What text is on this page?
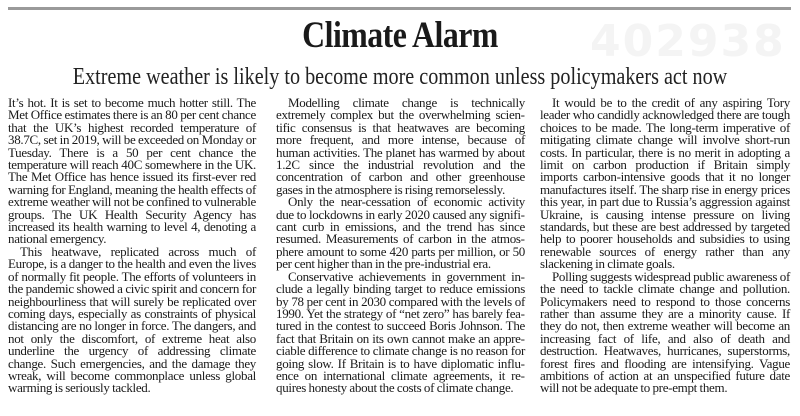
402938
Climate Alarm
Extreme weather is likely to become more common unless policymakers act now

It’s hot. It is set to become much hotter still. The Met Office estimates there is an 80 per cent chance that the UK’s highest recorded temperature of 38.7C, set in 2019, will be exceeded on Monday or Tuesday. There is a 50 per cent chance the temperature will reach 40C somewhere in the UK. The Met Office has hence issued its first-ever red warning for England, meaning the health effects of extreme weather will not be confined to vulnerable groups. The UK Health Security Agency has increased its health warning to level 4, denoting a national emergency.

This heatwave, replicated across much of Europe, is a danger to the health and even the lives of normally fit people. The efforts of volunteers in the pandemic showed a civic spirit and concern for neighbourliness that will surely be replicated over coming days, especially as constraints of physical distancing are no longer in force. The dangers, and not only the discomfort, of extreme heat also underline the urgency of addressing climate change. Such emergencies, and the damage they wreak, will become commonplace unless global warming is seriously tackled.

Modelling climate change is technically extremely complex but the overwhelming scientific consensus is that heatwaves are becoming more frequent, and more intense, because of human activities. The planet has warmed by about 1.2C since the industrial revolution and the concentration of carbon and other greenhouse gases in the atmosphere is rising remorselessly.

Only the near-cessation of economic activity due to lockdowns in early 2020 caused any significant curb in emissions, and the trend has since resumed. Measurements of carbon in the atmosphere amount to some 420 parts per million, or 50 per cent higher than in the pre-industrial era.

Conservative achievements in government include a legally binding target to reduce emissions by 78 per cent in 2030 compared with the levels of 1990. Yet the strategy of “net zero” has barely featured in the contest to succeed Boris Johnson. The fact that Britain on its own cannot make an appreciable difference to climate change is no reason for going slow. If Britain is to have diplomatic influence on international climate agreements, it requires honesty about the costs of climate change.

It would be to the credit of any aspiring Tory leader who candidly acknowledged there are tough choices to be made. The long-term imperative of mitigating climate change will involve short-run costs. In particular, there is no merit in adopting a limit on carbon production if Britain simply imports carbon-intensive goods that it no longer manufactures itself. The sharp rise in energy prices this year, in part due to Russia’s aggression against Ukraine, is causing intense pressure on living standards, but these are best addressed by targeted help to poorer households and subsidies to using renewable sources of energy rather than any slackening in climate goals.

Polling suggests widespread public awareness of the need to tackle climate change and pollution. Policymakers need to respond to those concerns rather than assume they are a minority cause. If they do not, then extreme weather will become an increasing fact of life, and also of death and destruction. Heatwaves, hurricanes, superstorms, forest fires and flooding are intensifying. Vague ambitions of action at an unspecified future date will not be adequate to pre-empt them.
